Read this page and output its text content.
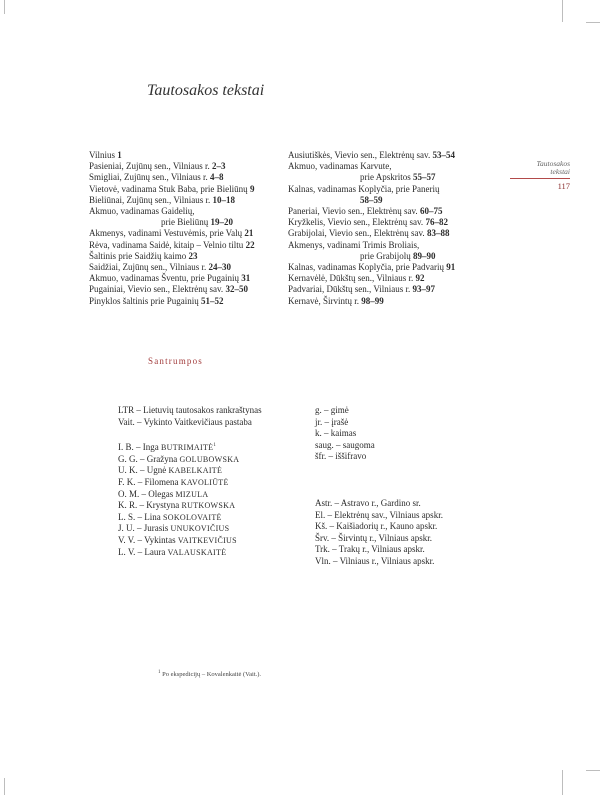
Tautosakos tekstai
Tautosakos
tekstai
117
Vilnius 1
Pasieniai, Zujūnų sen., Vilniaus r. 2–3
Smigliai, Zujūnų sen., Vilniaus r. 4–8
Vietovė, vadinama Stuk Baba, prie Bieliūnų 9
Bieliūnai, Zujūnų sen., Vilniaus r. 10–18
Akmuo, vadinamas Gaidelių,
prie Bieliūnų 19–20
Akmenys, vadinami Vestuvėmis, prie Valų 21
Rėva, vadinama Saidė, kitaip – Velnio tiltu 22
Šaltinis prie Saidžių kaimo 23
Saidžiai, Zujūnų sen., Vilniaus r. 24–30
Akmuo, vadinamas Šventu, prie Pugainių 31
Pugainiai, Vievio sen., Elektrėnų sav. 32–50
Pinyklos šaltinis prie Pugainių 51–52
Ausiutiškės, Vievio sen., Elektrėnų sav. 53–54
Akmuo, vadinamas Karvute,
prie Apskritos 55–57
Kalnas, vadinamas Koplyčia, prie Panerių
58–59
Paneriai, Vievio sen., Elektrėnų sav. 60–75
Kryžkelis, Vievio sen., Elektrėnų sav. 76–82
Grabijolai, Vievio sen., Elektrėnų sav. 83–88
Akmenys, vadinami Trimis Broliais,
prie Grabijolų 89–90
Kalnas, vadinamas Koplyčia, prie Padvarių 91
Kernavėlė, Dūkštų sen., Vilniaus r. 92
Padvariai, Dūkštų sen., Vilniaus r. 93–97
Kernavė, Širvintų r. 98–99
Santrumpos
LTR – Lietuvių tautosakos rankraštynas
Vait. – Vykinto Vaitkevičiaus pastaba
I. B. – Inga BUTRIMAITĖ$^1$
G. G. – Gražyna GOLUBOWSKA
U. K. – Ugnė KABELKAITĖ
F. K. – Filomena KAVOLIŪTĖ
O. M. – Olegas MIZULA
K. R. – Krystyna RUTKOWSKA
L. S. – Lina SOKOLOVAITĖ
J. U. – Jurasis UNUKOVIČIUS
V. V. – Vykintas VAITKEVIČIUS
L. V. – Laura VALAUSKAITĖ
g. – gimė
jr. – įrašė
k. – kaimas
saug. – saugoma
šfr. – iššifravo
Astr. – Astravo r., Gardino sr.
El. – Elektrėnų sav., Vilniaus apskr.
Kš. – Kaišiadorių r., Kauno apskr.
Šrv. – Širvintų r., Vilniaus apskr.
Trk. – Trakų r., Vilniaus apskr.
Vln. – Vilniaus r., Vilniaus apskr.
$^1$ Po ekspedicijų – Kovalenkaitė (Vait.).
